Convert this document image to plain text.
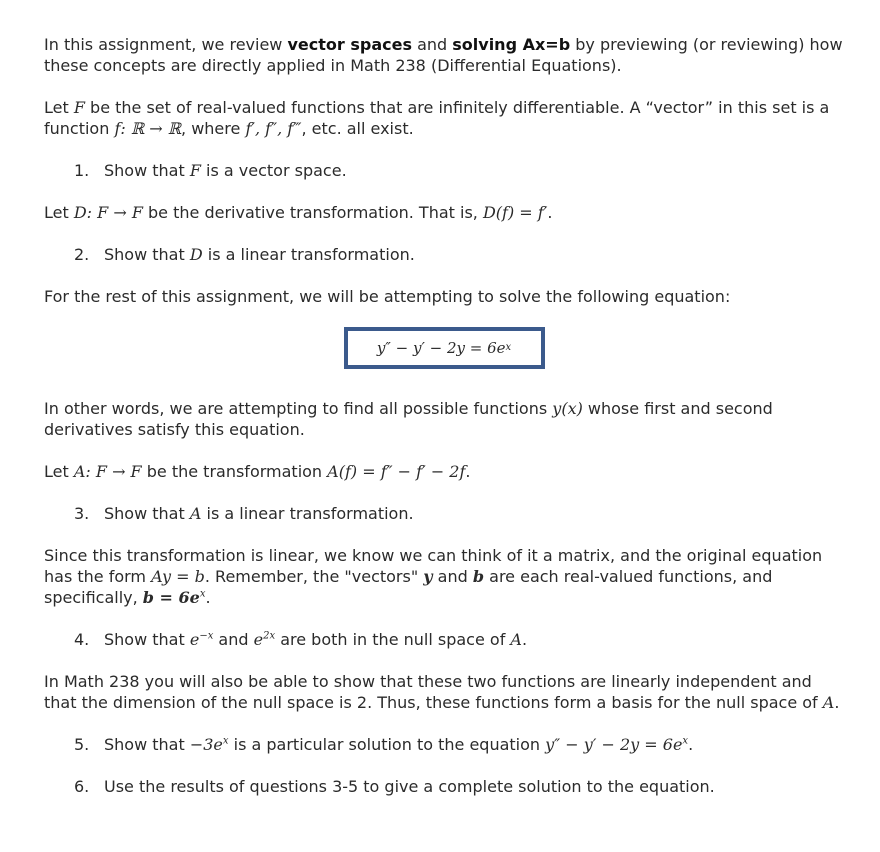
In this assignment, we review vector spaces and solving Ax=b by previewing (or reviewing) how these concepts are directly applied in Math 238 (Differential Equations).

Let F be the set of real-valued functions that are infinitely differentiable. A “vector” in this set is a function f: ℝ → ℝ, where f′, f″, f‴, etc. all exist.

1. Show that F is a vector space.

Let D: F → F be the derivative transformation. That is, D(f) = f′.

2. Show that D is a linear transformation.

For the rest of this assignment, we will be attempting to solve the following equation:

y″ − y′ − 2y = 6e x

In other words, we are attempting to find all possible functions y(x) whose first and second derivatives satisfy this equation.

Let A: F → F be the transformation A(f) = f″ − f′ − 2f.

3. Show that A is a linear transformation.

Since this transformation is linear, we know we can think of it a matrix, and the original equation has the form Ay = b. Remember, the "vectors" y and b are each real-valued functions, and specifically, $b = 6e^x$.

4. Show that $e^{-x}$ and $e^{2x}$ are both in the null space of A.

In Math 238 you will also be able to show that these two functions are linearly independent and that the dimension of the null space is 2. Thus, these functions form a basis for the null space of A.

5. Show that $-3e^x$ is a particular solution to the equation $y'' - y' - 2y = 6e^x$.

6. Use the results of questions 3-5 to give a complete solution to the equation.
